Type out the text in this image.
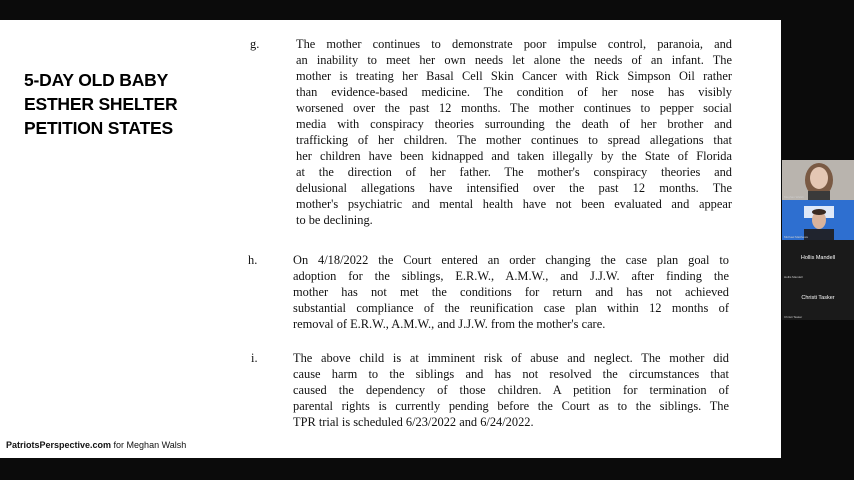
5-DAY OLD BABY
ESTHER SHELTER
PETITION STATES
g.	The mother continues to demonstrate poor impulse control, paranoia, and
an inability to meet her own needs let alone the needs of an infant. The
mother is treating her Basal Cell Skin Cancer with Rick Simpson Oil rather
than evidence-based medicine. The condition of her nose has visibly
worsened over the past 12 months. The mother continues to pepper social
media with conspiracy theories surrounding the death of her brother and
trafficking of her children. The mother continues to spread allegations that
her children have been kidnapped and taken illegally by the State of Florida
at the direction of her father. The mother's conspiracy theories and
delusional allegations have intensified over the past 12 months. The
mother's psychiatric and mental health have not been evaluated and appear
to be declining.
h.	On 4/18/2022 the Court entered an order changing the case plan goal to
adoption for the siblings, E.R.W., A.M.W., and J.J.W. after finding the
mother has not met the conditions for return and has not achieved
substantial compliance of the reunification case plan within 12 months of
removal of E.R.W., A.M.W., and J.J.W. from the mother's care.
i.	The above child is at imminent risk of abuse and neglect. The mother did
cause harm to the siblings and has not resolved the circumstances that
caused the dependency of those children. A petition for termination of
parental rights is currently pending before the Court as to the siblings. The
TPR trial is scheduled 6/23/2022 and 6/24/2022.
PatriotsPerspective.com for Meghan Walsh
Meghan Walsh
Michael Matthews
Hollis Mandell
Hollis Mandell
Christi Tasker
Christi Tasker
